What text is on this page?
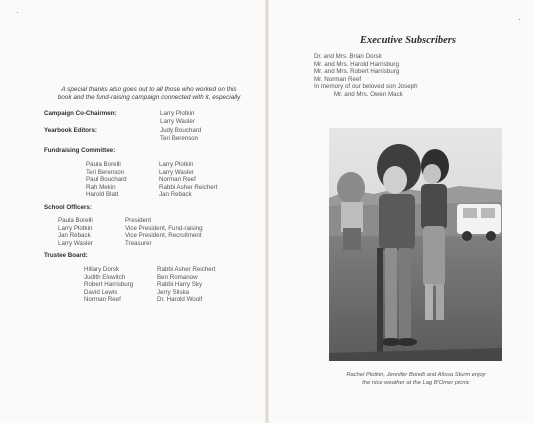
A special thanks also goes out to all those who worked on this
book and the fund-raising campaign connected with it, especially
Campaign Co-Chairmen:	Larry Plotkin
Larry Wasler
Yearbook Editors:	Judy Bouchard
Teri Berenson
Fundraising Committee:
Paula Borelli
Teri Berenson
Paul Bouchard
Rah Mekin
Harold Blatt
Larry Plotkin
Larry Wasler
Norman Reef
Rabbi Asher Reichert
Jan Reback
School Officers:
Paula Borelli
Larry Plotkin
Jan Reback
Larry Wasler
President
Vice President, Fund-raising
Vice President, Recruitment
Treasurer
Trustee Board:
Hillary Dorsk
Judith Elowitch
Robert Harrisburg
David Lewis
Norman Reef
Rabbi Asher Reichert
Ben Romanow
Rabbi Harry Sky
Jerry Sliska
Dr. Harold Woolf
Executive Subscribers
Dr. and Mrs. Brian Dorsk
Mr. and Mrs. Harold Harrisburg
Mr. and Mrs. Robert Harrisburg
Mr. Norman Reef
In memory of our beloved son Joseph
Mr. and Mrs. Owen Mack
Rachel Plotkin, Jennifer Borelli and Alissa Sturm enjoy
the nice weather at the Lag B'Omer picnic
